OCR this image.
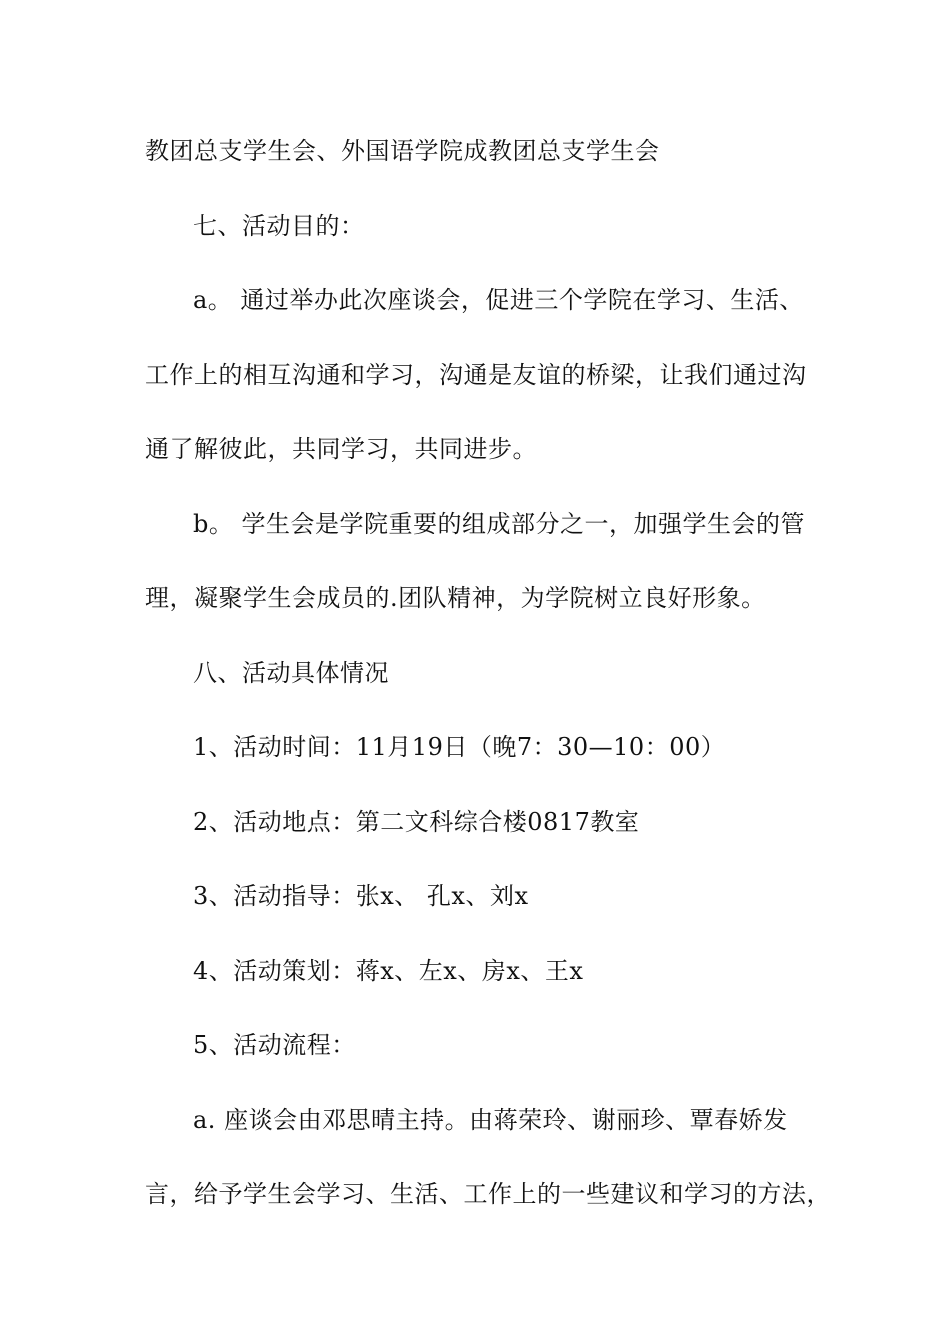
教团总支学生会、外国语学院成教团总支学生会
七、活动目的：
a。 通过举办此次座谈会，促进三个学院在学习、生活、
工作上的相互沟通和学习，沟通是友谊的桥梁，让我们通过沟
通了解彼此，共同学习，共同进步。
b。 学生会是学院重要的组成部分之一，加强学生会的管
理，凝聚学生会成员的.团队精神，为学院树立良好形象。
八、活动具体情况
1、活动时间：11月19日（晚7：30—10：00）
2、活动地点：第二文科综合楼0817教室
3、活动指导：张x、 孔x、刘x
4、活动策划：蒋x、左x、房x、王x
5、活动流程：
a. 座谈会由邓思晴主持。由蒋荣玲、谢丽珍、覃春娇发
言，给予学生会学习、生活、工作上的一些建议和学习的方法，
